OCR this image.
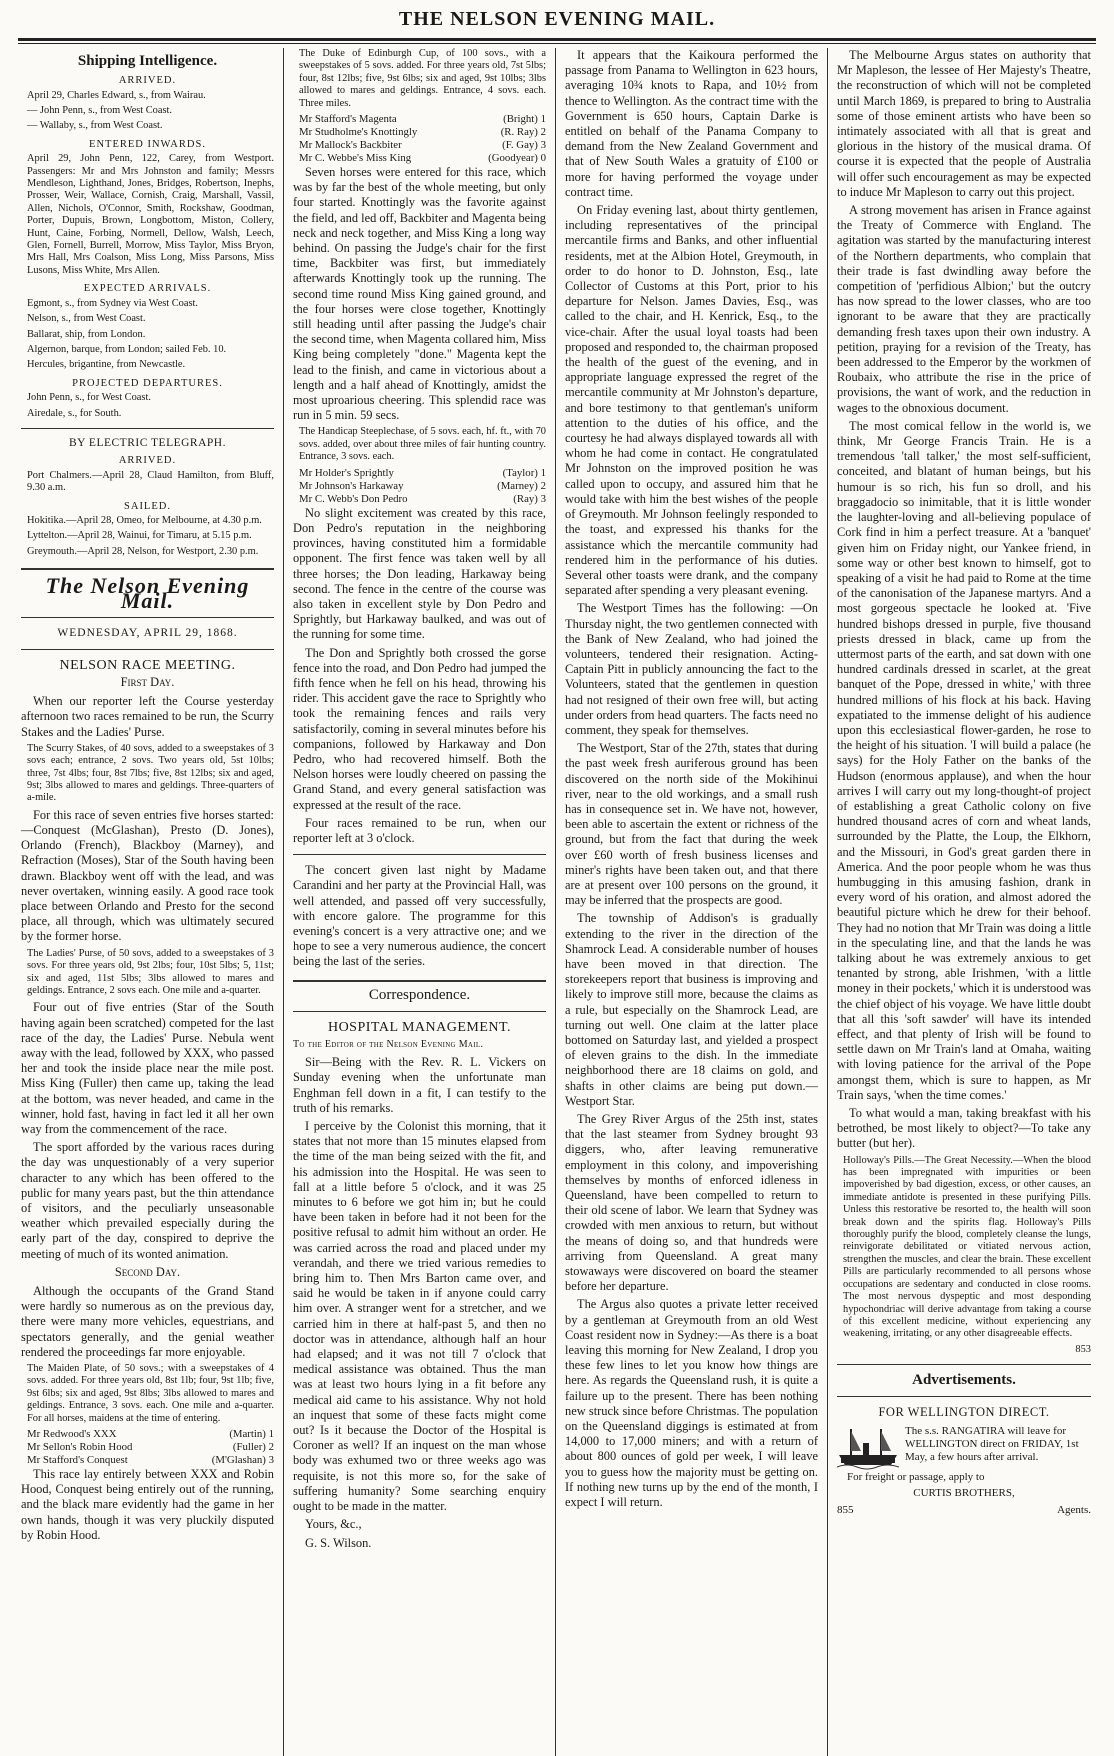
THE NELSON EVENING MAIL.
Shipping Intelligence.
ARRIVED.

April 29, Charles Edward, s., from Wairau.

— John Penn, s., from West Coast.

— Wallaby, s., from West Coast.

ENTERED INWARDS.

April 29, John Penn, 122, Carey, from Westport. Passengers: Mr and Mrs Johnston and family; Messrs Mendleson, Lighthand, Jones, Bridges, Robertson, Inephs, Prosser, Weir, Wallace, Cornish, Craig, Marshall, Vassil, Allen, Nichols, O'Connor, Smith, Rockshaw, Goodman, Porter, Dupuis, Brown, Longbottom, Miston, Collery, Hunt, Caine, Forbing, Normell, Dellow, Walsh, Leech, Glen, Fornell, Burrell, Morrow, Miss Taylor, Miss Bryon, Mrs Hall, Mrs Coalson, Miss Long, Miss Parsons, Miss Lusons, Miss White, Mrs Allen.

EXPECTED ARRIVALS.

Egmont, s., from Sydney via West Coast.

Nelson, s., from West Coast.

Ballarat, ship, from London.

Algernon, barque, from London; sailed Feb. 10.

Hercules, brigantine, from Newcastle.

PROJECTED DEPARTURES.

John Penn, s., for West Coast.

Airedale, s., for South.

BY ELECTRIC TELEGRAPH.
ARRIVED.

Port Chalmers.—April 28, Claud Hamilton, from Bluff, 9.30 a.m.

SAILED.

Hokitika.—April 28, Omeo, for Melbourne, at 4.30 p.m.

Lyttelton.—April 28, Wainui, for Timaru, at 5.15 p.m.

Greymouth.—April 28, Nelson, for Westport, 2.30 p.m.

The Nelson Evening Mail.
WEDNESDAY, APRIL 29, 1868.
NELSON RACE MEETING.
First Day.

When our reporter left the Course yesterday afternoon two races remained to be run, the Scurry Stakes and the Ladies' Purse.

The Scurry Stakes, of 40 sovs, added to a sweepstakes of 3 sovs each; entrance, 2 sovs. Two years old, 5st 10lbs; three, 7st 4lbs; four, 8st 7lbs; five, 8st 12lbs; six and aged, 9st; 3lbs allowed to mares and geldings. Three-quarters of a-mile.

For this race of seven entries five horses started:—Conquest (McGlashan), Presto (D. Jones), Orlando (French), Blackboy (Marney), and Refraction (Moses), Star of the South having been drawn. Blackboy went off with the lead, and was never overtaken, winning easily. A good race took place between Orlando and Presto for the second place, all through, which was ultimately secured by the former horse.

The Ladies' Purse, of 50 sovs, added to a sweepstakes of 3 sovs. For three years old, 9st 2lbs; four, 10st 5lbs; 5, 11st; six and aged, 11st 5lbs; 3lbs allowed to mares and geldings. Entrance, 2 sovs each. One mile and a-quarter.

Four out of five entries (Star of the South having again been scratched) competed for the last race of the day, the Ladies' Purse. Nebula went away with the lead, followed by XXX, who passed her and took the inside place near the mile post. Miss King (Fuller) then came up, taking the lead at the bottom, was never headed, and came in the winner, hold fast, having in fact led it all her own way from the commencement of the race.

The sport afforded by the various races during the day was unquestionably of a very superior character to any which has been offered to the public for many years past, but the thin attendance of visitors, and the peculiarly unseasonable weather which prevailed especially during the early part of the day, conspired to deprive the meeting of much of its wonted animation.

Second Day.

Although the occupants of the Grand Stand were hardly so numerous as on the previous day, there were many more vehicles, equestrians, and spectators generally, and the genial weather rendered the proceedings far more enjoyable.

The Maiden Plate, of 50 sovs.; with a sweepstakes of 4 sovs. added. For three years old, 8st 1lb; four, 9st 1lb; five, 9st 6lbs; six and aged, 9st 8lbs; 3lbs allowed to mares and geldings. Entrance, 3 sovs. each. One mile and a-quarter. For all horses, maidens at the time of entering.

Mr Redwood's XXX	(Martin) 1
Mr Sellon's Robin Hood	(Fuller) 2
Mr Stafford's Conquest	(M'Glashan) 3

This race lay entirely between XXX and Robin Hood, Conquest being entirely out of the running, and the black mare evidently had the game in her own hands, though it was very pluckily disputed by Robin Hood.

The Duke of Edinburgh Cup, of 100 sovs., with a sweepstakes of 5 sovs. added. For three years old, 7st 5lbs; four, 8st 12lbs; five, 9st 6lbs; six and aged, 9st 10lbs; 3lbs allowed to mares and geldings. Entrance, 4 sovs. each. Three miles.

Mr Stafford's Magenta	(Bright) 1
Mr Studholme's Knottingly	(R. Ray) 2
Mr Mallock's Backbiter	(F. Gay) 3
Mr C. Webbe's Miss King	(Goodyear) 0

Seven horses were entered for this race, which was by far the best of the whole meeting, but only four started. Knottingly was the favorite against the field, and led off, Backbiter and Magenta being neck and neck together, and Miss King a long way behind. On passing the Judge's chair for the first time, Backbiter was first, but immediately afterwards Knottingly took up the running. The second time round Miss King gained ground, and the four horses were close together, Knottingly still heading until after passing the Judge's chair the second time, when Magenta collared him, Miss King being completely "done." Magenta kept the lead to the finish, and came in victorious about a length and a half ahead of Knottingly, amidst the most uproarious cheering. This splendid race was run in 5 min. 59 secs.

The Handicap Steeplechase, of 5 sovs. each, hf. ft., with 70 sovs. added, over about three miles of fair hunting country. Entrance, 3 sovs. each.

Mr Holder's Sprightly	(Taylor) 1
Mr Johnson's Harkaway	(Marney) 2
Mr C. Webb's Don Pedro	(Ray) 3

No slight excitement was created by this race, Don Pedro's reputation in the neighboring provinces, having constituted him a formidable opponent. The first fence was taken well by all three horses; the Don leading, Harkaway being second. The fence in the centre of the course was also taken in excellent style by Don Pedro and Sprightly, but Harkaway baulked, and was out of the running for some time.

The Don and Sprightly both crossed the gorse fence into the road, and Don Pedro had jumped the fifth fence when he fell on his head, throwing his rider. This accident gave the race to Sprightly who took the remaining fences and rails very satisfactorily, coming in several minutes before his companions, followed by Harkaway and Don Pedro, who had recovered himself. Both the Nelson horses were loudly cheered on passing the Grand Stand, and every general satisfaction was expressed at the result of the race.

Four races remained to be run, when our reporter left at 3 o'clock.

The concert given last night by Madame Carandini and her party at the Provincial Hall, was well attended, and passed off very successfully, with encore galore. The programme for this evening's concert is a very attractive one; and we hope to see a very numerous audience, the concert being the last of the series.

Correspondence.
HOSPITAL MANAGEMENT.

To the Editor of the Nelson Evening Mail.

Sir—Being with the Rev. R. L. Vickers on Sunday evening when the unfortunate man Enghman fell down in a fit, I can testify to the truth of his remarks.

I perceive by the Colonist this morning, that it states that not more than 15 minutes elapsed from the time of the man being seized with the fit, and his admission into the Hospital. He was seen to fall at a little before 5 o'clock, and it was 25 minutes to 6 before we got him in; but he could have been taken in before had it not been for the positive refusal to admit him without an order. He was carried across the road and placed under my verandah, and there we tried various remedies to bring him to. Then Mrs Barton came over, and said he would be taken in if anyone could carry him over. A stranger went for a stretcher, and we carried him in there at half-past 5, and then no doctor was in attendance, although half an hour had elapsed; and it was not till 7 o'clock that medical assistance was obtained. Thus the man was at least two hours lying in a fit before any medical aid came to his assistance. Why not hold an inquest that some of these facts might come out? Is it because the Doctor of the Hospital is Coroner as well? If an inquest on the man whose body was exhumed two or three weeks ago was requisite, is not this more so, for the sake of suffering humanity? Some searching enquiry ought to be made in the matter.

Yours, &c.,

G. S. Wilson.

It appears that the Kaikoura performed the passage from Panama to Wellington in 623 hours, averaging 10¾ knots to Rapa, and 10½ from thence to Wellington. As the contract time with the Government is 650 hours, Captain Darke is entitled on behalf of the Panama Company to demand from the New Zealand Government and that of New South Wales a gratuity of £100 or more for having performed the voyage under contract time.

On Friday evening last, about thirty gentlemen, including representatives of the principal mercantile firms and Banks, and other influential residents, met at the Albion Hotel, Greymouth, in order to do honor to D. Johnston, Esq., late Collector of Customs at this Port, prior to his departure for Nelson. James Davies, Esq., was called to the chair, and H. Kenrick, Esq., to the vice-chair. After the usual loyal toasts had been proposed and responded to, the chairman proposed the health of the guest of the evening, and in appropriate language expressed the regret of the mercantile community at Mr Johnston's departure, and bore testimony to that gentleman's uniform attention to the duties of his office, and the courtesy he had always displayed towards all with whom he had come in contact. He congratulated Mr Johnston on the improved position he was called upon to occupy, and assured him that he would take with him the best wishes of the people of Greymouth. Mr Johnson feelingly responded to the toast, and expressed his thanks for the assistance which the mercantile community had rendered him in the performance of his duties. Several other toasts were drank, and the company separated after spending a very pleasant evening.

The Westport Times has the following: —On Thursday night, the two gentlemen connected with the Bank of New Zealand, who had joined the volunteers, tendered their resignation. Acting-Captain Pitt in publicly announcing the fact to the Volunteers, stated that the gentlemen in question had not resigned of their own free will, but acting under orders from head quarters. The facts need no comment, they speak for themselves.

The Westport, Star of the 27th, states that during the past week fresh auriferous ground has been discovered on the north side of the Mokihinui river, near to the old workings, and a small rush has in consequence set in. We have not, however, been able to ascertain the extent or richness of the ground, but from the fact that during the week over £60 worth of fresh business licenses and miner's rights have been taken out, and that there are at present over 100 persons on the ground, it may be inferred that the prospects are good.

The township of Addison's is gradually extending to the river in the direction of the Shamrock Lead. A considerable number of houses have been moved in that direction. The storekeepers report that business is improving and likely to improve still more, because the claims as a rule, but especially on the Shamrock Lead, are turning out well. One claim at the latter place bottomed on Saturday last, and yielded a prospect of eleven grains to the dish. In the immediate neighborhood there are 18 claims on gold, and shafts in other claims are being put down.—Westport Star.

The Grey River Argus of the 25th inst, states that the last steamer from Sydney brought 93 diggers, who, after leaving remunerative employment in this colony, and impoverishing themselves by months of enforced idleness in Queensland, have been compelled to return to their old scene of labor. We learn that Sydney was crowded with men anxious to return, but without the means of doing so, and that hundreds were arriving from Queensland. A great many stowaways were discovered on board the steamer before her departure.

The Argus also quotes a private letter received by a gentleman at Greymouth from an old West Coast resident now in Sydney:—As there is a boat leaving this morning for New Zealand, I drop you these few lines to let you know how things are here. As regards the Queensland rush, it is quite a failure up to the present. There has been nothing new struck since before Christmas. The population on the Queensland diggings is estimated at from 14,000 to 17,000 miners; and with a return of about 800 ounces of gold per week, I will leave you to guess how the majority must be getting on. If nothing new turns up by the end of the month, I expect I will return.

The Melbourne Argus states on authority that Mr Mapleson, the lessee of Her Majesty's Theatre, the reconstruction of which will not be completed until March 1869, is prepared to bring to Australia some of those eminent artists who have been so intimately associated with all that is great and glorious in the history of the musical drama. Of course it is expected that the people of Australia will offer such encouragement as may be expected to induce Mr Mapleson to carry out this project.

A strong movement has arisen in France against the Treaty of Commerce with England. The agitation was started by the manufacturing interest of the Northern departments, who complain that their trade is fast dwindling away before the competition of 'perfidious Albion;' but the outcry has now spread to the lower classes, who are too ignorant to be aware that they are practically demanding fresh taxes upon their own industry. A petition, praying for a revision of the Treaty, has been addressed to the Emperor by the workmen of Roubaix, who attribute the rise in the price of provisions, the want of work, and the reduction in wages to the obnoxious document.

The most comical fellow in the world is, we think, Mr George Francis Train. He is a tremendous 'tall talker,' the most self-sufficient, conceited, and blatant of human beings, but his humour is so rich, his fun so droll, and his braggadocio so inimitable, that it is little wonder the laughter-loving and all-believing populace of Cork find in him a perfect treasure. At a 'banquet' given him on Friday night, our Yankee friend, in some way or other best known to himself, got to speaking of a visit he had paid to Rome at the time of the canonisation of the Japanese martyrs. And a most gorgeous spectacle he looked at. 'Five hundred bishops dressed in purple, five thousand priests dressed in black, came up from the uttermost parts of the earth, and sat down with one hundred cardinals dressed in scarlet, at the great banquet of the Pope, dressed in white,' with three hundred millions of his flock at his back. Having expatiated to the immense delight of his audience upon this ecclesiastical flower-garden, he rose to the height of his situation. 'I will build a palace (he says) for the Holy Father on the banks of the Hudson (enormous applause), and when the hour arrives I will carry out my long-thought-of project of establishing a great Catholic colony on five hundred thousand acres of corn and wheat lands, surrounded by the Platte, the Loup, the Elkhorn, and the Missouri, in God's great garden there in America. And the poor people whom he was thus humbugging in this amusing fashion, drank in every word of his oration, and almost adored the beautiful picture which he drew for their behoof. They had no notion that Mr Train was doing a little in the speculating line, and that the lands he was talking about he was extremely anxious to get tenanted by strong, able Irishmen, 'with a little money in their pockets,' which it is understood was the chief object of his voyage. We have little doubt that all this 'soft sawder' will have its intended effect, and that plenty of Irish will be found to settle dawn on Mr Train's land at Omaha, waiting with loving patience for the arrival of the Pope amongst them, which is sure to happen, as Mr Train says, 'when the time comes.'

To what would a man, taking breakfast with his betrothed, be most likely to object?—To take any butter (but her).

Holloway's Pills.—The Great Necessity.—When the blood has been impregnated with impurities or been impoverished by bad digestion, excess, or other causes, an immediate antidote is presented in these purifying Pills. Unless this restorative be resorted to, the health will soon break down and the spirits flag. Holloway's Pills thoroughly purify the blood, completely cleanse the lungs, reinvigorate debilitated or vitiated nervous action, strengthen the muscles, and clear the brain. These excellent Pills are particularly recommended to all persons whose occupations are sedentary and conducted in close rooms. The most nervous dyspeptic and most desponding hypochondriac will derive advantage from taking a course of this excellent medicine, without experiencing any weakening, irritating, or any other disagreeable effects.

853

Advertisements.
FOR WELLINGTON DIRECT.
The s.s. RANGATIRA will leave for WELLINGTON direct on FRIDAY, 1st May, a few hours after arrival.

For freight or passage, apply to

CURTIS BROTHERS,

855	Agents.
